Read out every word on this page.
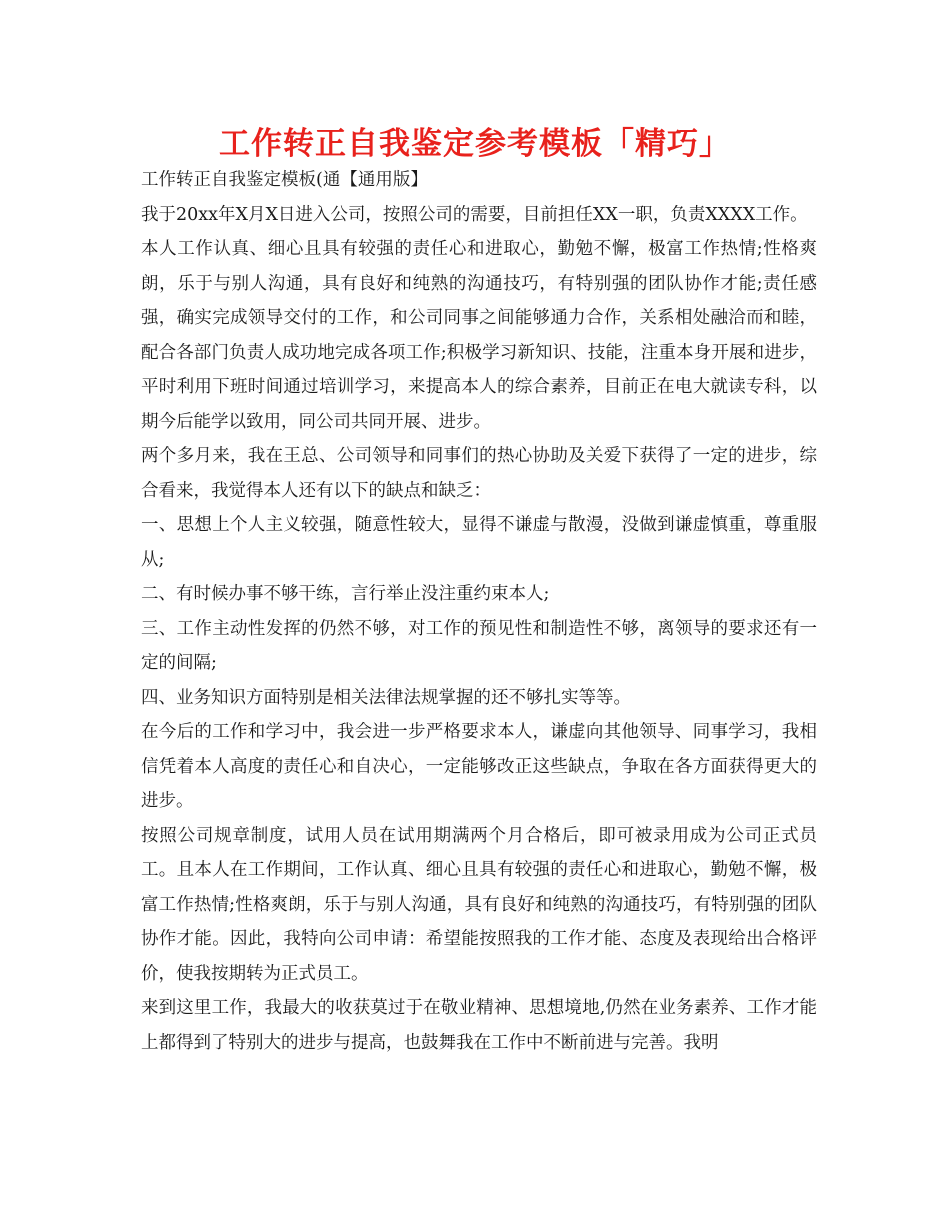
工作转正自我鉴定参考模板「精巧」

工作转正自我鉴定模板(通【通用版】

我于20xx年X月X日进入公司，按照公司的需要，目前担任XX一职，负责XXXX工作。

本人工作认真、细心且具有较强的责任心和进取心，勤勉不懈，极富工作热情;性格爽朗，乐于与别人沟通，具有良好和纯熟的沟通技巧，有特别强的团队协作才能;责任感强，确实完成领导交付的工作，和公司同事之间能够通力合作，关系相处融洽而和睦，配合各部门负责人成功地完成各项工作;积极学习新知识、技能，注重本身开展和进步，平时利用下班时间通过培训学习，来提高本人的综合素养，目前正在电大就读专科，以期今后能学以致用，同公司共同开展、进步。

两个多月来，我在王总、公司领导和同事们的热心协助及关爱下获得了一定的进步，综合看来，我觉得本人还有以下的缺点和缺乏：

一、思想上个人主义较强，随意性较大，显得不谦虚与散漫，没做到谦虚慎重，尊重服从;

二、有时候办事不够干练，言行举止没注重约束本人;

三、工作主动性发挥的仍然不够，对工作的预见性和制造性不够，离领导的要求还有一定的间隔;

四、业务知识方面特别是相关法律法规掌握的还不够扎实等等。

在今后的工作和学习中，我会进一步严格要求本人，谦虚向其他领导、同事学习，我相信凭着本人高度的责任心和自决心，一定能够改正这些缺点，争取在各方面获得更大的进步。

按照公司规章制度，试用人员在试用期满两个月合格后，即可被录用成为公司正式员工。且本人在工作期间，工作认真、细心且具有较强的责任心和进取心，勤勉不懈，极富工作热情;性格爽朗，乐于与别人沟通，具有良好和纯熟的沟通技巧，有特别强的团队协作才能。因此，我特向公司申请：希望能按照我的工作才能、态度及表现给出合格评价，使我按期转为正式员工。

来到这里工作，我最大的收获莫过于在敬业精神、思想境地,仍然在业务素养、工作才能上都得到了特别大的进步与提高，也鼓舞我在工作中不断前进与完善。我明
